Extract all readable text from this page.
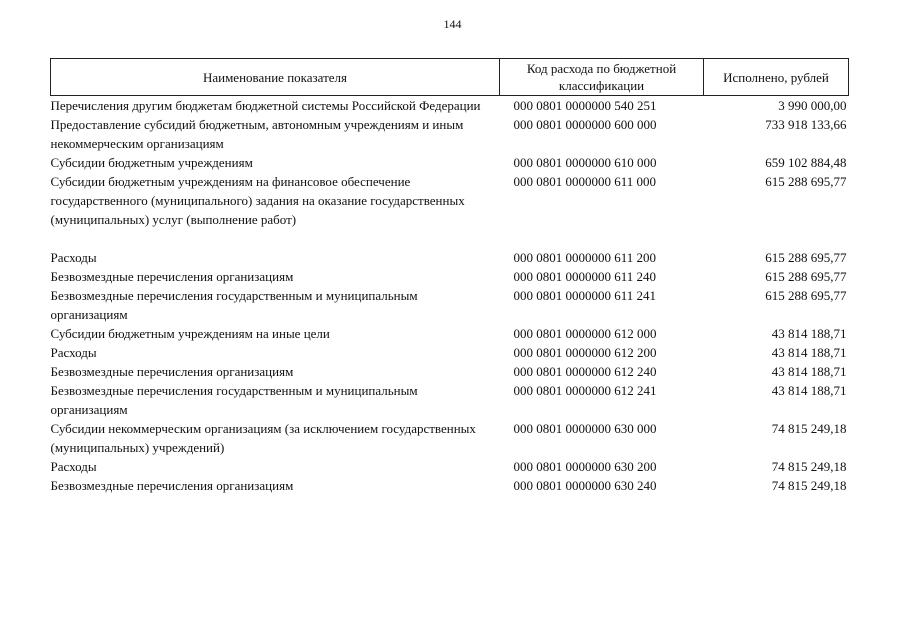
144
Наименование показателя	Код расхода по бюджетной классификации	Исполнено, рублей
Перечисления другим бюджетам бюджетной системы Российской Федерации	000 0801 0000000 540 251	3 990 000,00
Предоставление субсидий бюджетным, автономным учреждениям и иным некоммерческим организациям	000 0801 0000000 600 000	733 918 133,66
Субсидии бюджетным учреждениям	000 0801 0000000 610 000	659 102 884,48
Субсидии бюджетным учреждениям на финансовое обеспечение государственного (муниципального) задания на оказание государственных (муниципальных) услуг (выполнение работ)	000 0801 0000000 611 000	615 288 695,77

Расходы	000 0801 0000000 611 200	615 288 695,77
Безвозмездные перечисления организациям	000 0801 0000000 611 240	615 288 695,77
Безвозмездные перечисления государственным и муниципальным организациям	000 0801 0000000 611 241	615 288 695,77
Субсидии бюджетным учреждениям на иные цели	000 0801 0000000 612 000	43 814 188,71
Расходы	000 0801 0000000 612 200	43 814 188,71
Безвозмездные перечисления организациям	000 0801 0000000 612 240	43 814 188,71
Безвозмездные перечисления государственным и муниципальным организациям	000 0801 0000000 612 241	43 814 188,71
Субсидии некоммерческим организациям (за исключением государственных (муниципальных) учреждений)	000 0801 0000000 630 000	74 815 249,18
Расходы	000 0801 0000000 630 200	74 815 249,18
Безвозмездные перечисления организациям	000 0801 0000000 630 240	74 815 249,18
